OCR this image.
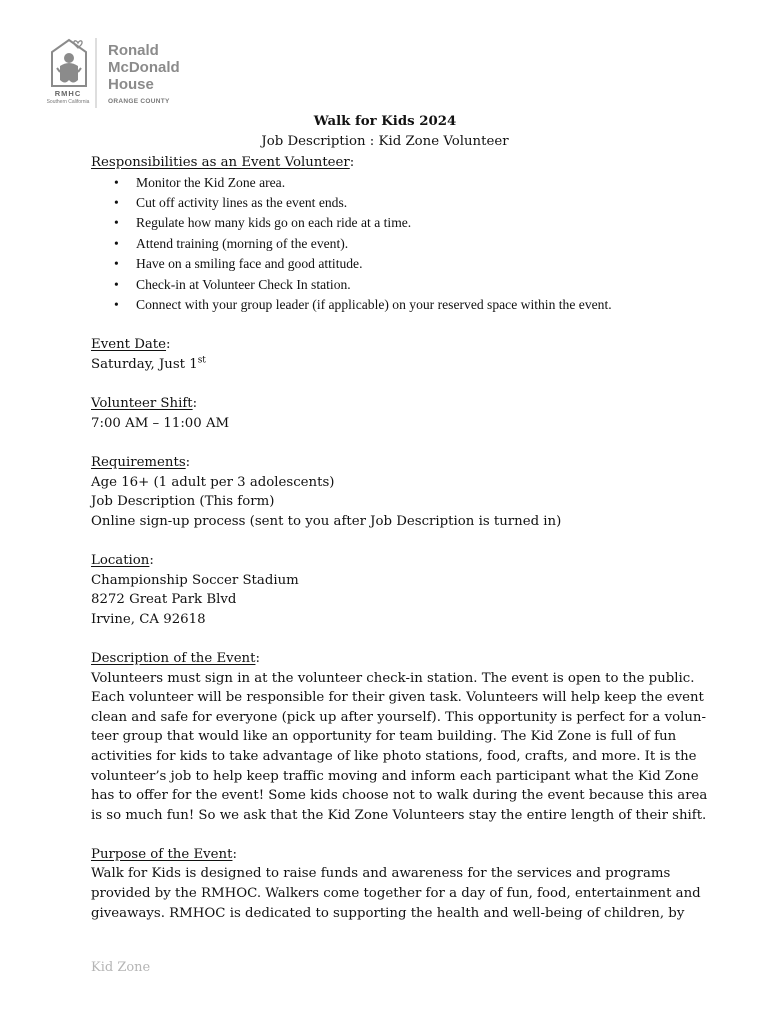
RMHC
Southern California
Ronald
McDonald
House
ORANGE COUNTY
Walk for Kids 2024
Job Description : Kid Zone Volunteer
Responsibilities as an Event Volunteer:
• Monitor the Kid Zone area.
• Cut off activity lines as the event ends.
• Regulate how many kids go on each ride at a time.
• Attend training (morning of the event).
• Have on a smiling face and good attitude.
• Check-in at Volunteer Check In station.
• Connect with your group leader (if applicable) on your reserved space within the event.
Event Date:
Saturday, Just 1st
Volunteer Shift:
7:00 AM – 11:00 AM
Requirements:
Age 16+ (1 adult per 3 adolescents)
Job Description (This form)
Online sign-up process (sent to you after Job Description is turned in)
Location:
Championship Soccer Stadium
8272 Great Park Blvd
Irvine, CA 92618
Description of the Event:
Volunteers must sign in at the volunteer check-in station. The event is open to the public.
Each volunteer will be responsible for their given task. Volunteers will help keep the event
clean and safe for everyone (pick up after yourself). This opportunity is perfect for a volun-
teer group that would like an opportunity for team building. The Kid Zone is full of fun
activities for kids to take advantage of like photo stations, food, crafts, and more. It is the
volunteer’s job to help keep traffic moving and inform each participant what the Kid Zone
has to offer for the event! Some kids choose not to walk during the event because this area
is so much fun! So we ask that the Kid Zone Volunteers stay the entire length of their shift.
Purpose of the Event:
Walk for Kids is designed to raise funds and awareness for the services and programs
provided by the RMHOC. Walkers come together for a day of fun, food, entertainment and
giveaways. RMHOC is dedicated to supporting the health and well-being of children, by
Kid Zone
